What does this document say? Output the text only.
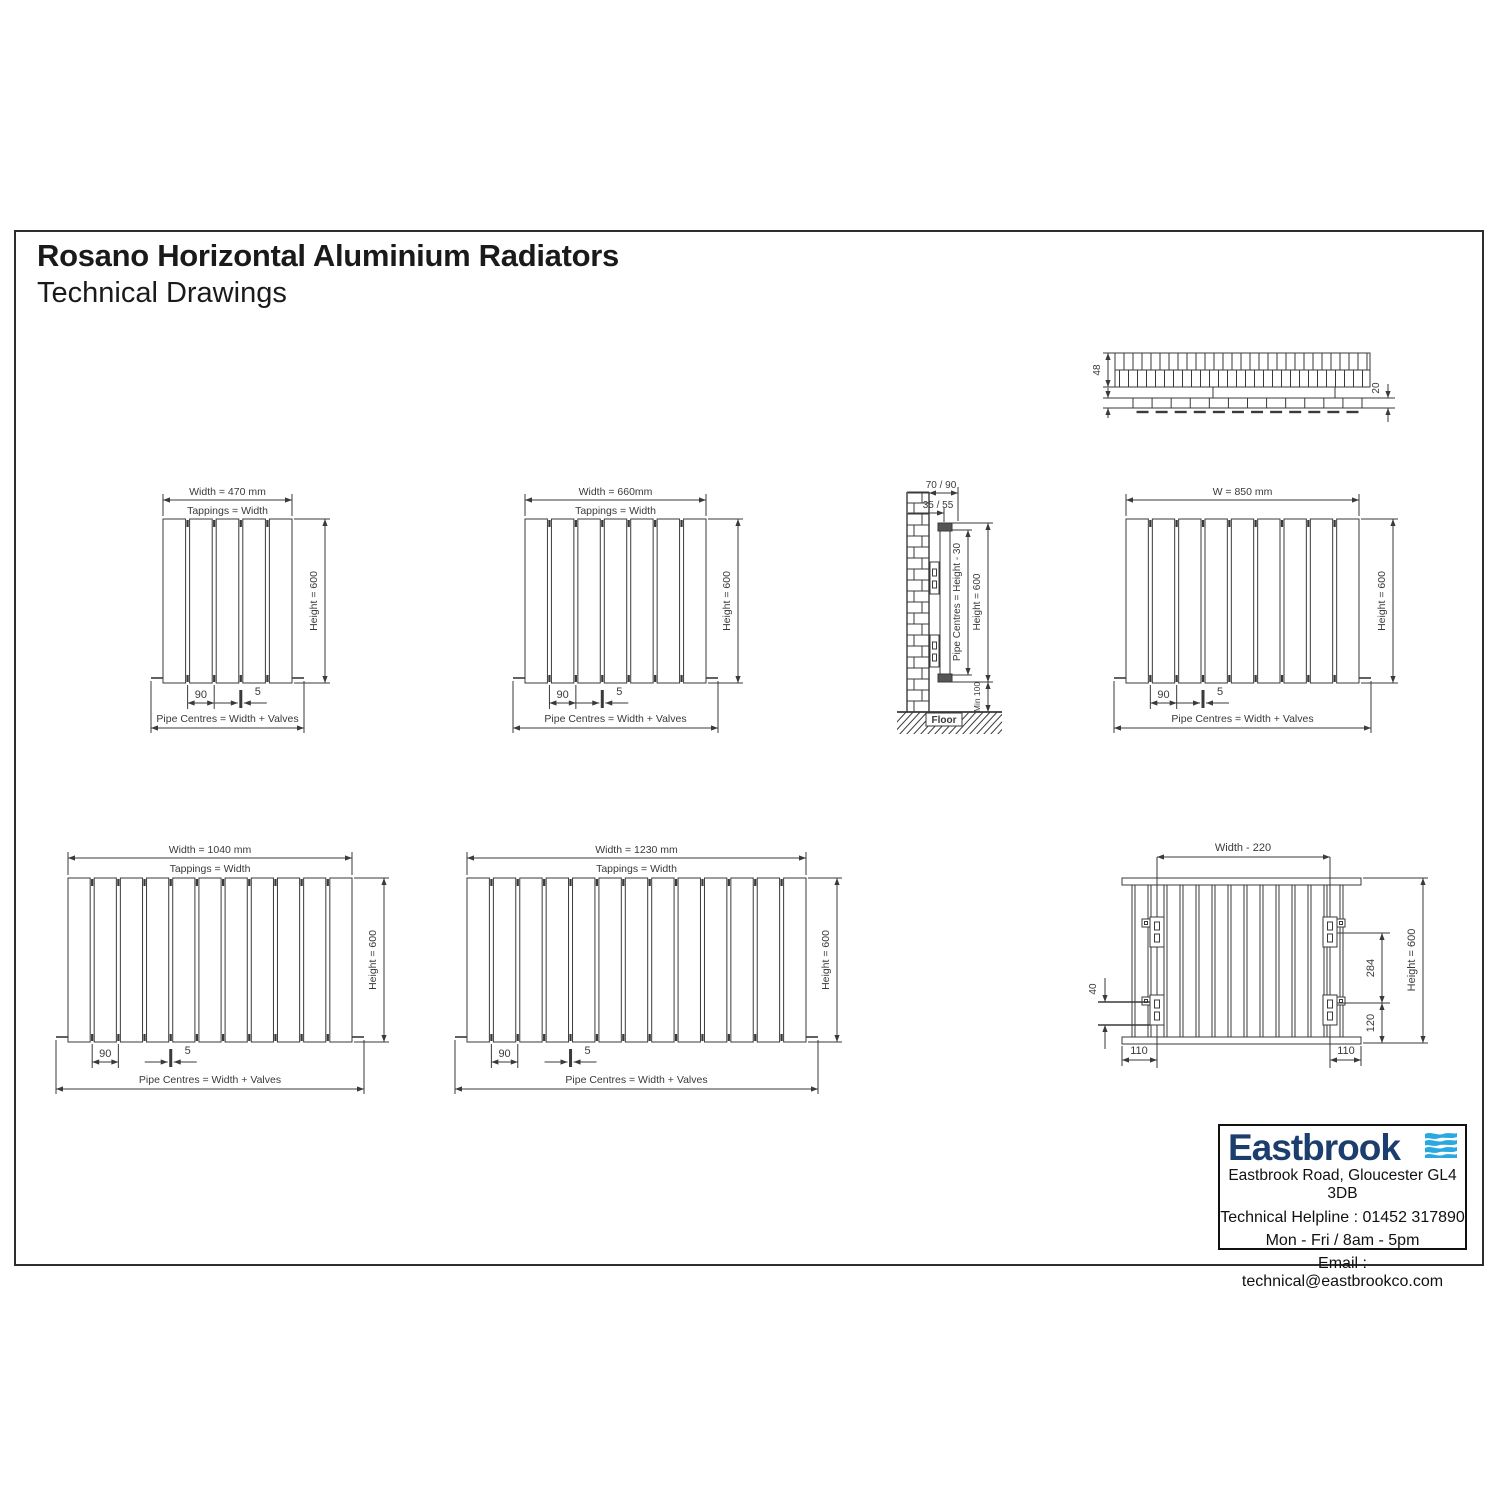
Rosano Horizontal Aluminium Radiators
Technical Drawings
Width = 470 mm
Tappings = Width
Height = 600
90	5
Pipe Centres = Width + Valves
Width = 660mm
Tappings = Width
Height = 600
90	5
Pipe Centres = Width + Valves
W = 850 mm
Height = 600
90	5
Pipe Centres = Width + Valves
Width = 1040 mm
Tappings = Width
Height = 600
90	5
Pipe Centres = Width + Valves
Width = 1230 mm
Tappings = Width
Height = 600
90	5
Pipe Centres = Width + Valves
48
20
70 / 90
35 / 55
Pipe Centres = Height - 30 Height = 600
Min 100
Floor
Width - 220
284
120
Height = 600
40
110	110
Eastbrook
Eastbrook Road, Gloucester GL4 3DB
Technical Helpline : 01452 317890
Mon - Fri / 8am - 5pm
Email : technical@eastbrookco.com
